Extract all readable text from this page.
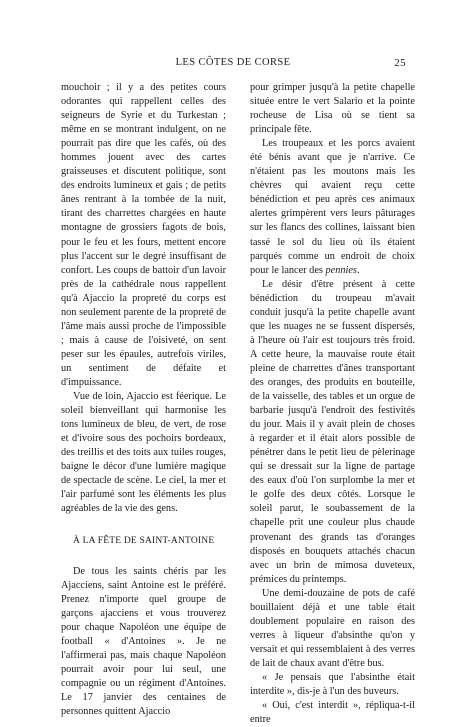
LES CÔTES DE CORSE	25

mouchoir ; il y a des petites cours odorantes qui rappellent celles des seigneurs de Syrie et du Turkestan ; même en se montrant indulgent, on ne pourrait pas dire que les cafés, où des hommes jouent avec des cartes graisseuses et discutent politique, sont des endroits lumineux et gais ; de petits ânes rentrant à la tombée de la nuit, tirant des charrettes chargées en haute montagne de grossiers fagots de bois, pour le feu et les fours, mettent encore plus l'accent sur le degré insuffisant de confort. Les coups de battoir d'un lavoir près de la cathédrale nous rappellent qu'à Ajaccio la propreté du corps est non seulement parente de la propreté de l'âme mais aussi proche de l'impossible ; mais à cause de l'oisiveté, on sent peser sur les épaules, autrefois viriles, un sentiment de défaite et d'impuissance.

Vue de loin, Ajaccio est féerique. Le soleil bienveillant qui harmonise les tons lumineux de bleu, de vert, de rose et d'ivoire sous des pochoirs bordeaux, des treillis et des toits aux tuiles rouges, baigne le décor d'une lumière magique de spectacle de scène. Le ciel, la mer et l'air parfumé sont les éléments les plus agréables de la vie des gens.

À LA FÊTE DE SAINT-ANTOINE

De tous les saints chéris par les Ajacciens, saint Antoine est le préféré. Prenez n'importe quel groupe de garçons ajacciens et vous trouverez pour chaque Napoléon une équipe de football « d'Antoines ». Je ne l'affirmerai pas, mais chaque Napoléon pourrait avoir pour lui seul, une compagnie ou un régiment d'Antoines. Le 17 janvier des centaines de personnes quittent Ajaccio

pour grimper jusqu'à la petite chapelle située entre le vert Salario et la pointe rocheuse de Lisa où se tient sa principale fête.

Les troupeaux et les porcs avaient été bénis avant que je n'arrive. Ce n'étaient pas les moutons mais les chèvres qui avaient reçu cette bénédiction et peu après ces animaux alertes grimpèrent vers leurs pâturages sur les flancs des collines, laissant bien tassé le sol du lieu où ils étaient parqués comme un endroit de choix pour le lancer des pennies.

Le désir d'être présent à cette bénédiction du troupeau m'avait conduit jusqu'à la petite chapelle avant que les nuages ne se fussent dispersés, à l'heure où l'air est toujours très froid. A cette heure, la mauvaise route était pleine de charrettes d'ânes transportant des oranges, des produits en bouteille, de la vaisselle, des tables et un orgue de barbarie jusqu'à l'endroit des festivités du jour. Mais il y avait plein de choses à regarder et il était alors possible de pénétrer dans le petit lieu de pèlerinage qui se dressait sur la ligne de partage des eaux d'où l'on surplombe la mer et le golfe des deux côtés. Lorsque le soleil parut, le soubassement de la chapelle prit une couleur plus chaude provenant des grands tas d'oranges disposés en bouquets attachés chacun avec un brin de mimosa duveteux, prémices du printemps.

Une demi-douzaine de pots de café bouillaient déjà et une table était doublement populaire en raison des verres à liqueur d'absinthe qu'on y versait et qui ressemblaient à des verres de lait de chaux avant d'être bus.

« Je pensais que l'absinthe était interdite », dis-je à l'un des buveurs.

« Oui, c'est interdit », répliqua-t-il entre
